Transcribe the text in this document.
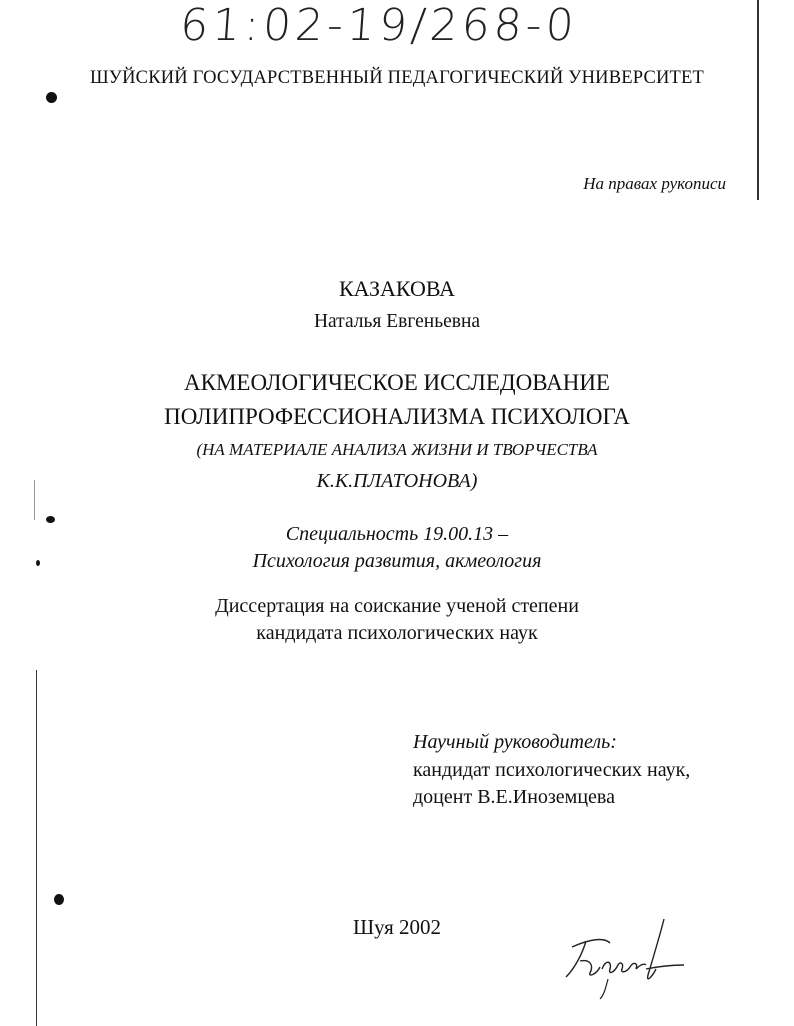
61:02-19/268-0
ШУЙСКИЙ ГОСУДАРСТВЕННЫЙ ПЕДАГОГИЧЕСКИЙ УНИВЕРСИТЕТ
На правах рукописи
КАЗАКОВА
Наталья Евгеньевна
АКМЕОЛОГИЧЕСКОЕ ИССЛЕДОВАНИЕ
ПОЛИПРОФЕССИОНАЛИЗМА ПСИХОЛОГА
(НА МАТЕРИАЛЕ АНАЛИЗА ЖИЗНИ И ТВОРЧЕСТВА
К.К.ПЛАТОНОВА)
Специальность 19.00.13 –
Психология развития, акмеология
Диссертация на соискание ученой степени
кандидата психологических наук
Научный руководитель:
кандидат психологических наук,
доцент В.Е.Иноземцева
Шуя 2002
